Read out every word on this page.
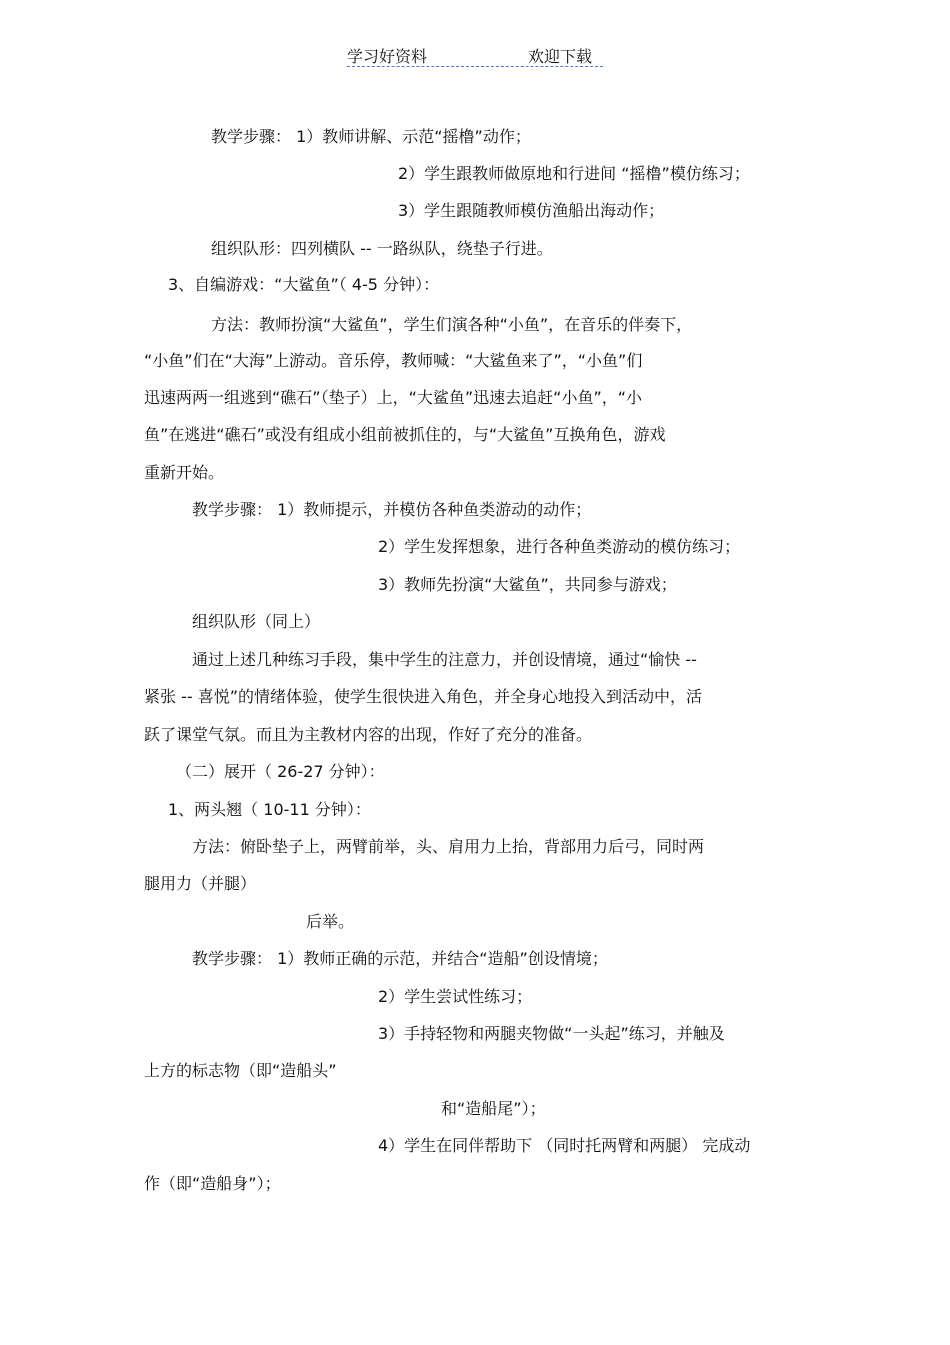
学习好资料	欢迎下载
教学步骤： 1）教师讲解、示范“摇橹”动作；
2）学生跟教师做原地和行进间 “摇橹”模仿练习；
3）学生跟随教师模仿渔船出海动作；
组织队形：四列横队 -- 一路纵队，绕垫子行进。
3、自编游戏：“大鲨鱼”（ 4-5 分钟）：
方法：教师扮演“大鲨鱼”，学生们演各种“小鱼”，在音乐的伴奏下，
“小鱼”们在“大海”上游动。音乐停，教师喊：“大鲨鱼来了”，“小鱼”们
迅速两两一组逃到“礁石”（垫子）上，“大鲨鱼”迅速去追赶“小鱼”，“小
鱼”在逃进“礁石”或没有组成小组前被抓住的，与“大鲨鱼”互换角色，游戏
重新开始。
教学步骤： 1）教师提示，并模仿各种鱼类游动的动作；
2）学生发挥想象，进行各种鱼类游动的模仿练习；
3）教师先扮演“大鲨鱼”，共同参与游戏；
组织队形（同上）
通过上述几种练习手段，集中学生的注意力，并创设情境，通过“愉快 --
紧张 -- 喜悦”的情绪体验，使学生很快进入角色，并全身心地投入到活动中，活
跃了课堂气氛。而且为主教材内容的出现，作好了充分的准备。
（二）展开（ 26-27 分钟）：
1、两头翘（ 10-11 分钟）：
方法：俯卧垫子上，两臂前举，头、肩用力上抬，背部用力后弓，同时两
腿用力（并腿）
后举。
教学步骤： 1）教师正确的示范，并结合“造船”创设情境；
2）学生尝试性练习；
3）手持轻物和两腿夹物做“一头起”练习，并触及
上方的标志物（即“造船头”
和“造船尾”）；
4）学生在同伴帮助下 （同时托两臂和两腿） 完成动
作（即“造船身”）；
